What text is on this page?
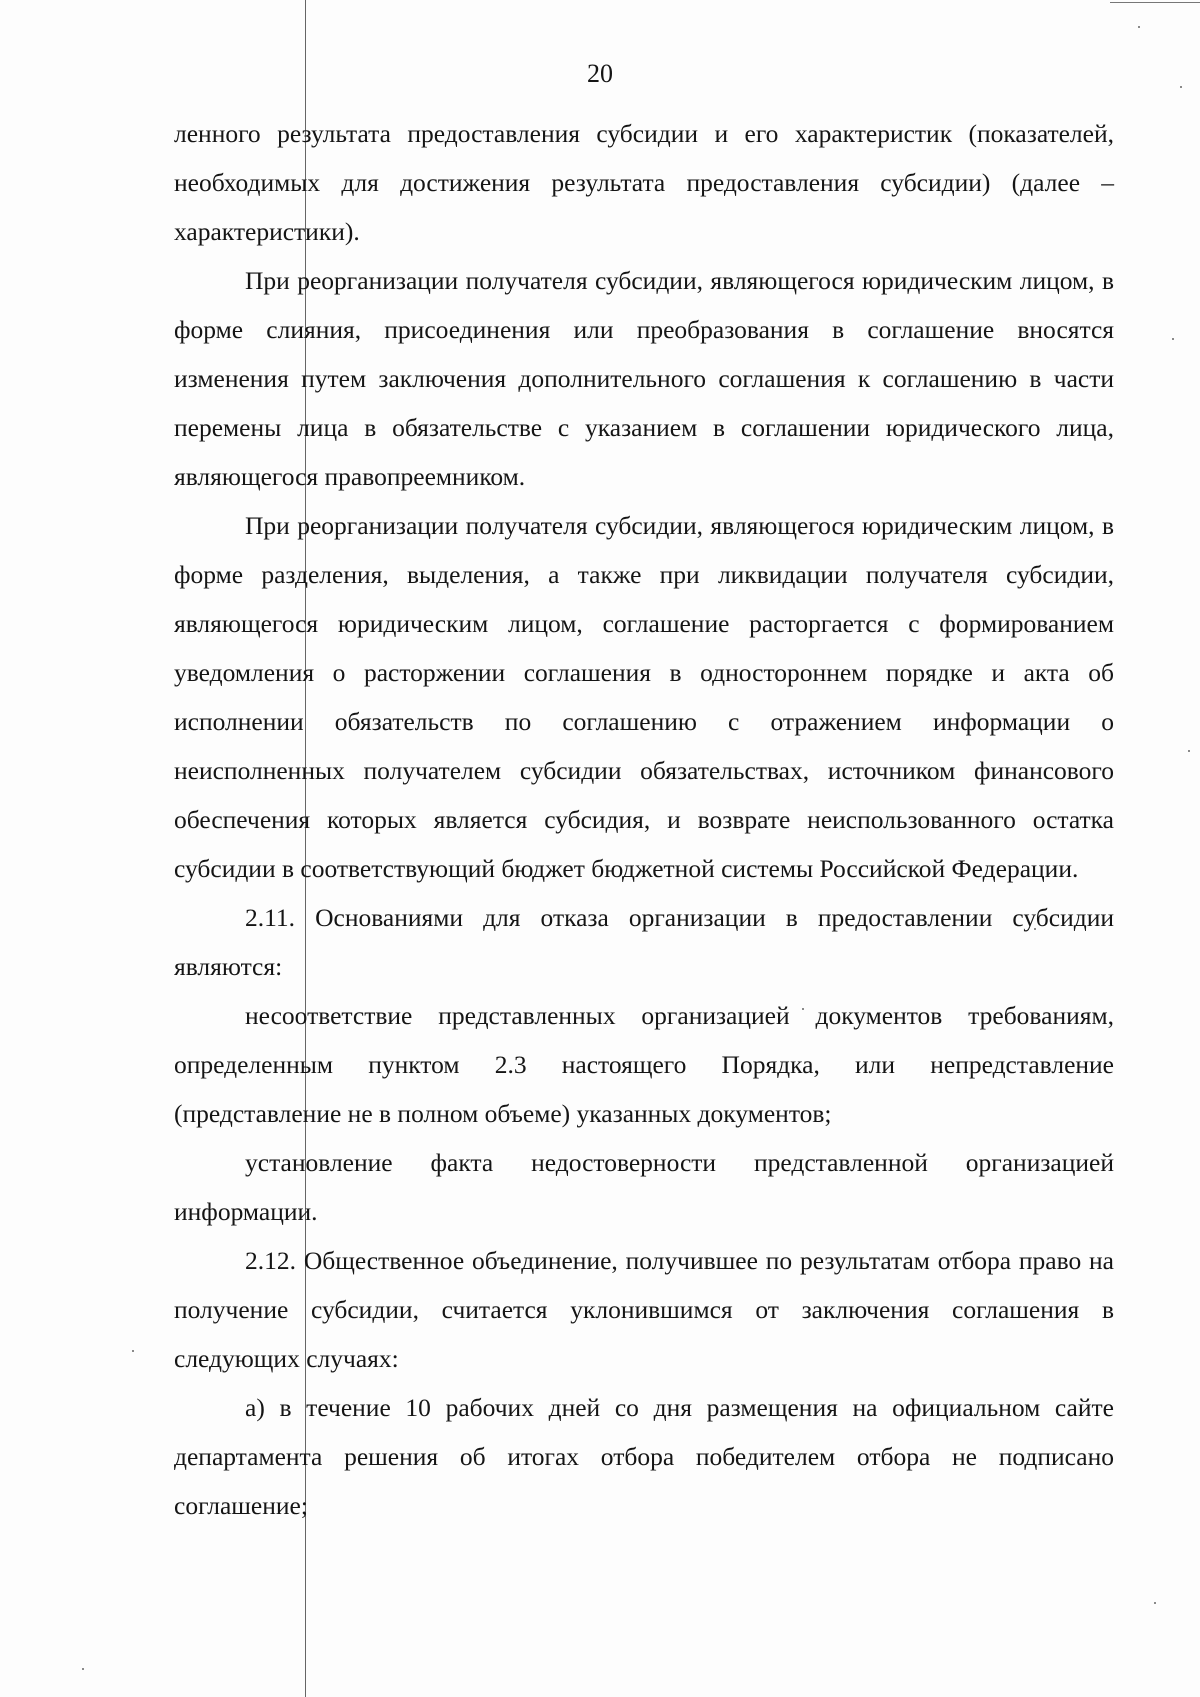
20

ленного результата предоставления субсидии и его характеристик (показателей, необходимых для достижения результата предоставления субсидии) (далее – характеристики).

При реорганизации получателя субсидии, являющегося юридическим лицом, в форме слияния, присоединения или преобразования в соглашение вносятся изменения путем заключения дополнительного соглашения к соглашению в части перемены лица в обязательстве с указанием в соглашении юридического лица, являющегося правопреемником.

При реорганизации получателя субсидии, являющегося юридическим лицом, в форме разделения, выделения, а также при ликвидации получателя субсидии, являющегося юридическим лицом, соглашение расторгается с формированием уведомления о расторжении соглашения в одностороннем порядке и акта об исполнении обязательств по соглашению с отражением информации о неисполненных получателем субсидии обязательствах, источником финансового обеспечения которых является субсидия, и возврате неиспользованного остатка субсидии в соответствующий бюджет бюджетной системы Российской Федерации.

2.11. Основаниями для отказа организации в предоставлении субсидии являются:

несоответствие представленных организацией документов требованиям, определенным пунктом 2.3 настоящего Порядка, или непредставление (представление не в полном объеме) указанных документов;

установление факта недостоверности представленной организацией информации.

2.12. Общественное объединение, получившее по результатам отбора право на получение субсидии, считается уклонившимся от заключения соглашения в следующих случаях:

а) в течение 10 рабочих дней со дня размещения на официальном сайте департамента решения об итогах отбора победителем отбора не подписано соглашение;
